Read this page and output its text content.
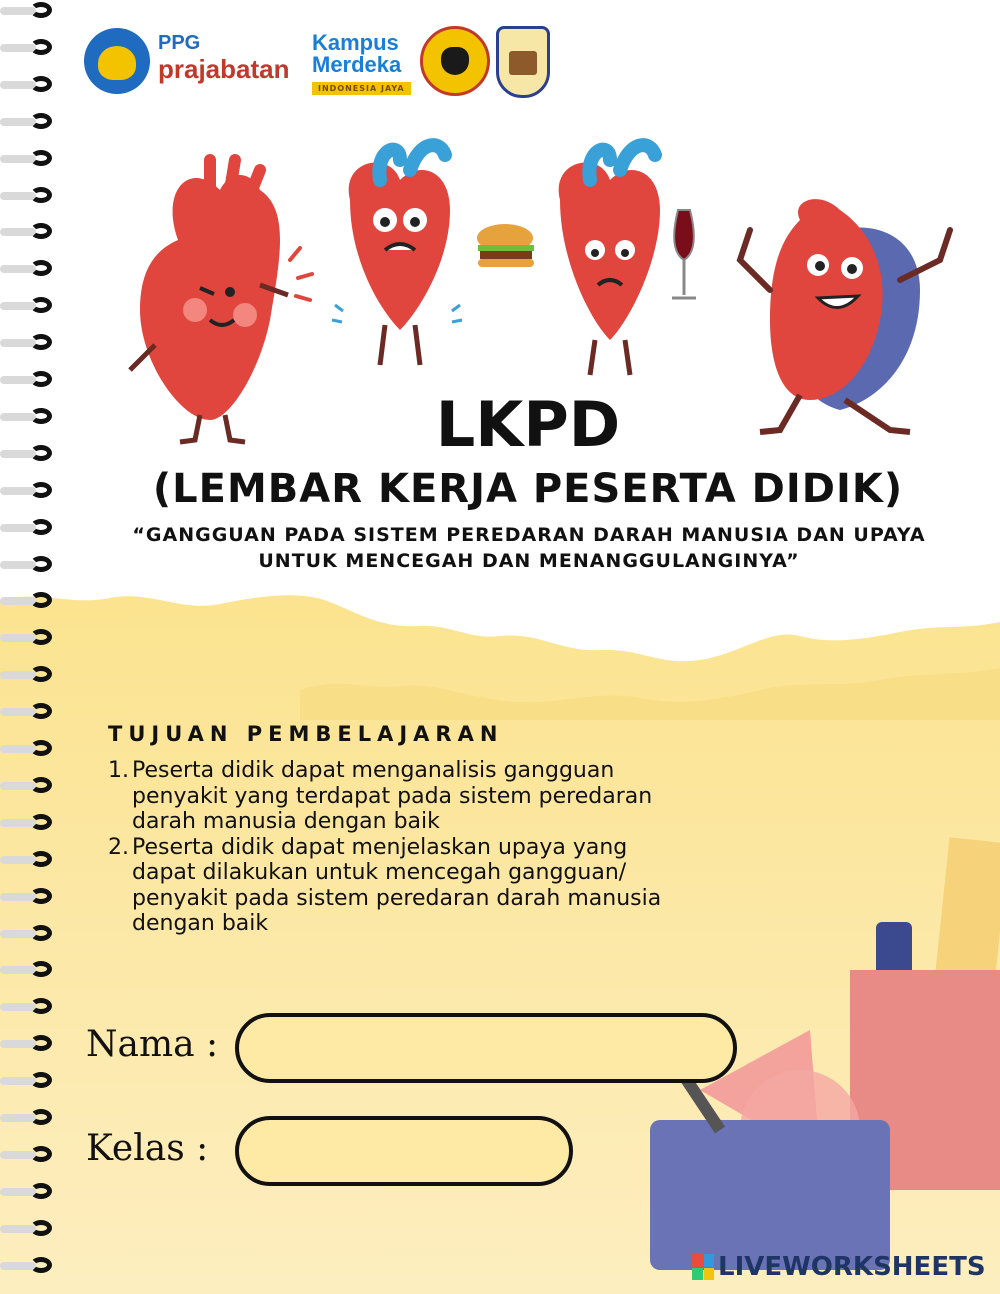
PPG
prajabatan
Kampus
Merdeka
INDONESIA JAYA
LKPD
(LEMBAR KERJA PESERTA DIDIK)
“GANGGUAN PADA SISTEM PEREDARAN DARAH MANUSIA DAN UPAYA UNTUK MENCEGAH DAN MENANGGULANGINYA”
TUJUAN PEMBELAJARAN
1. Peserta didik dapat menganalisis gangguan penyakit yang terdapat pada sistem peredaran darah manusia dengan baik
2. Peserta didik dapat menjelaskan upaya yang dapat dilakukan untuk mencegah gangguan/ penyakit pada sistem peredaran darah manusia dengan baik
Nama :
Kelas :
LIVEWORKSHEETS
